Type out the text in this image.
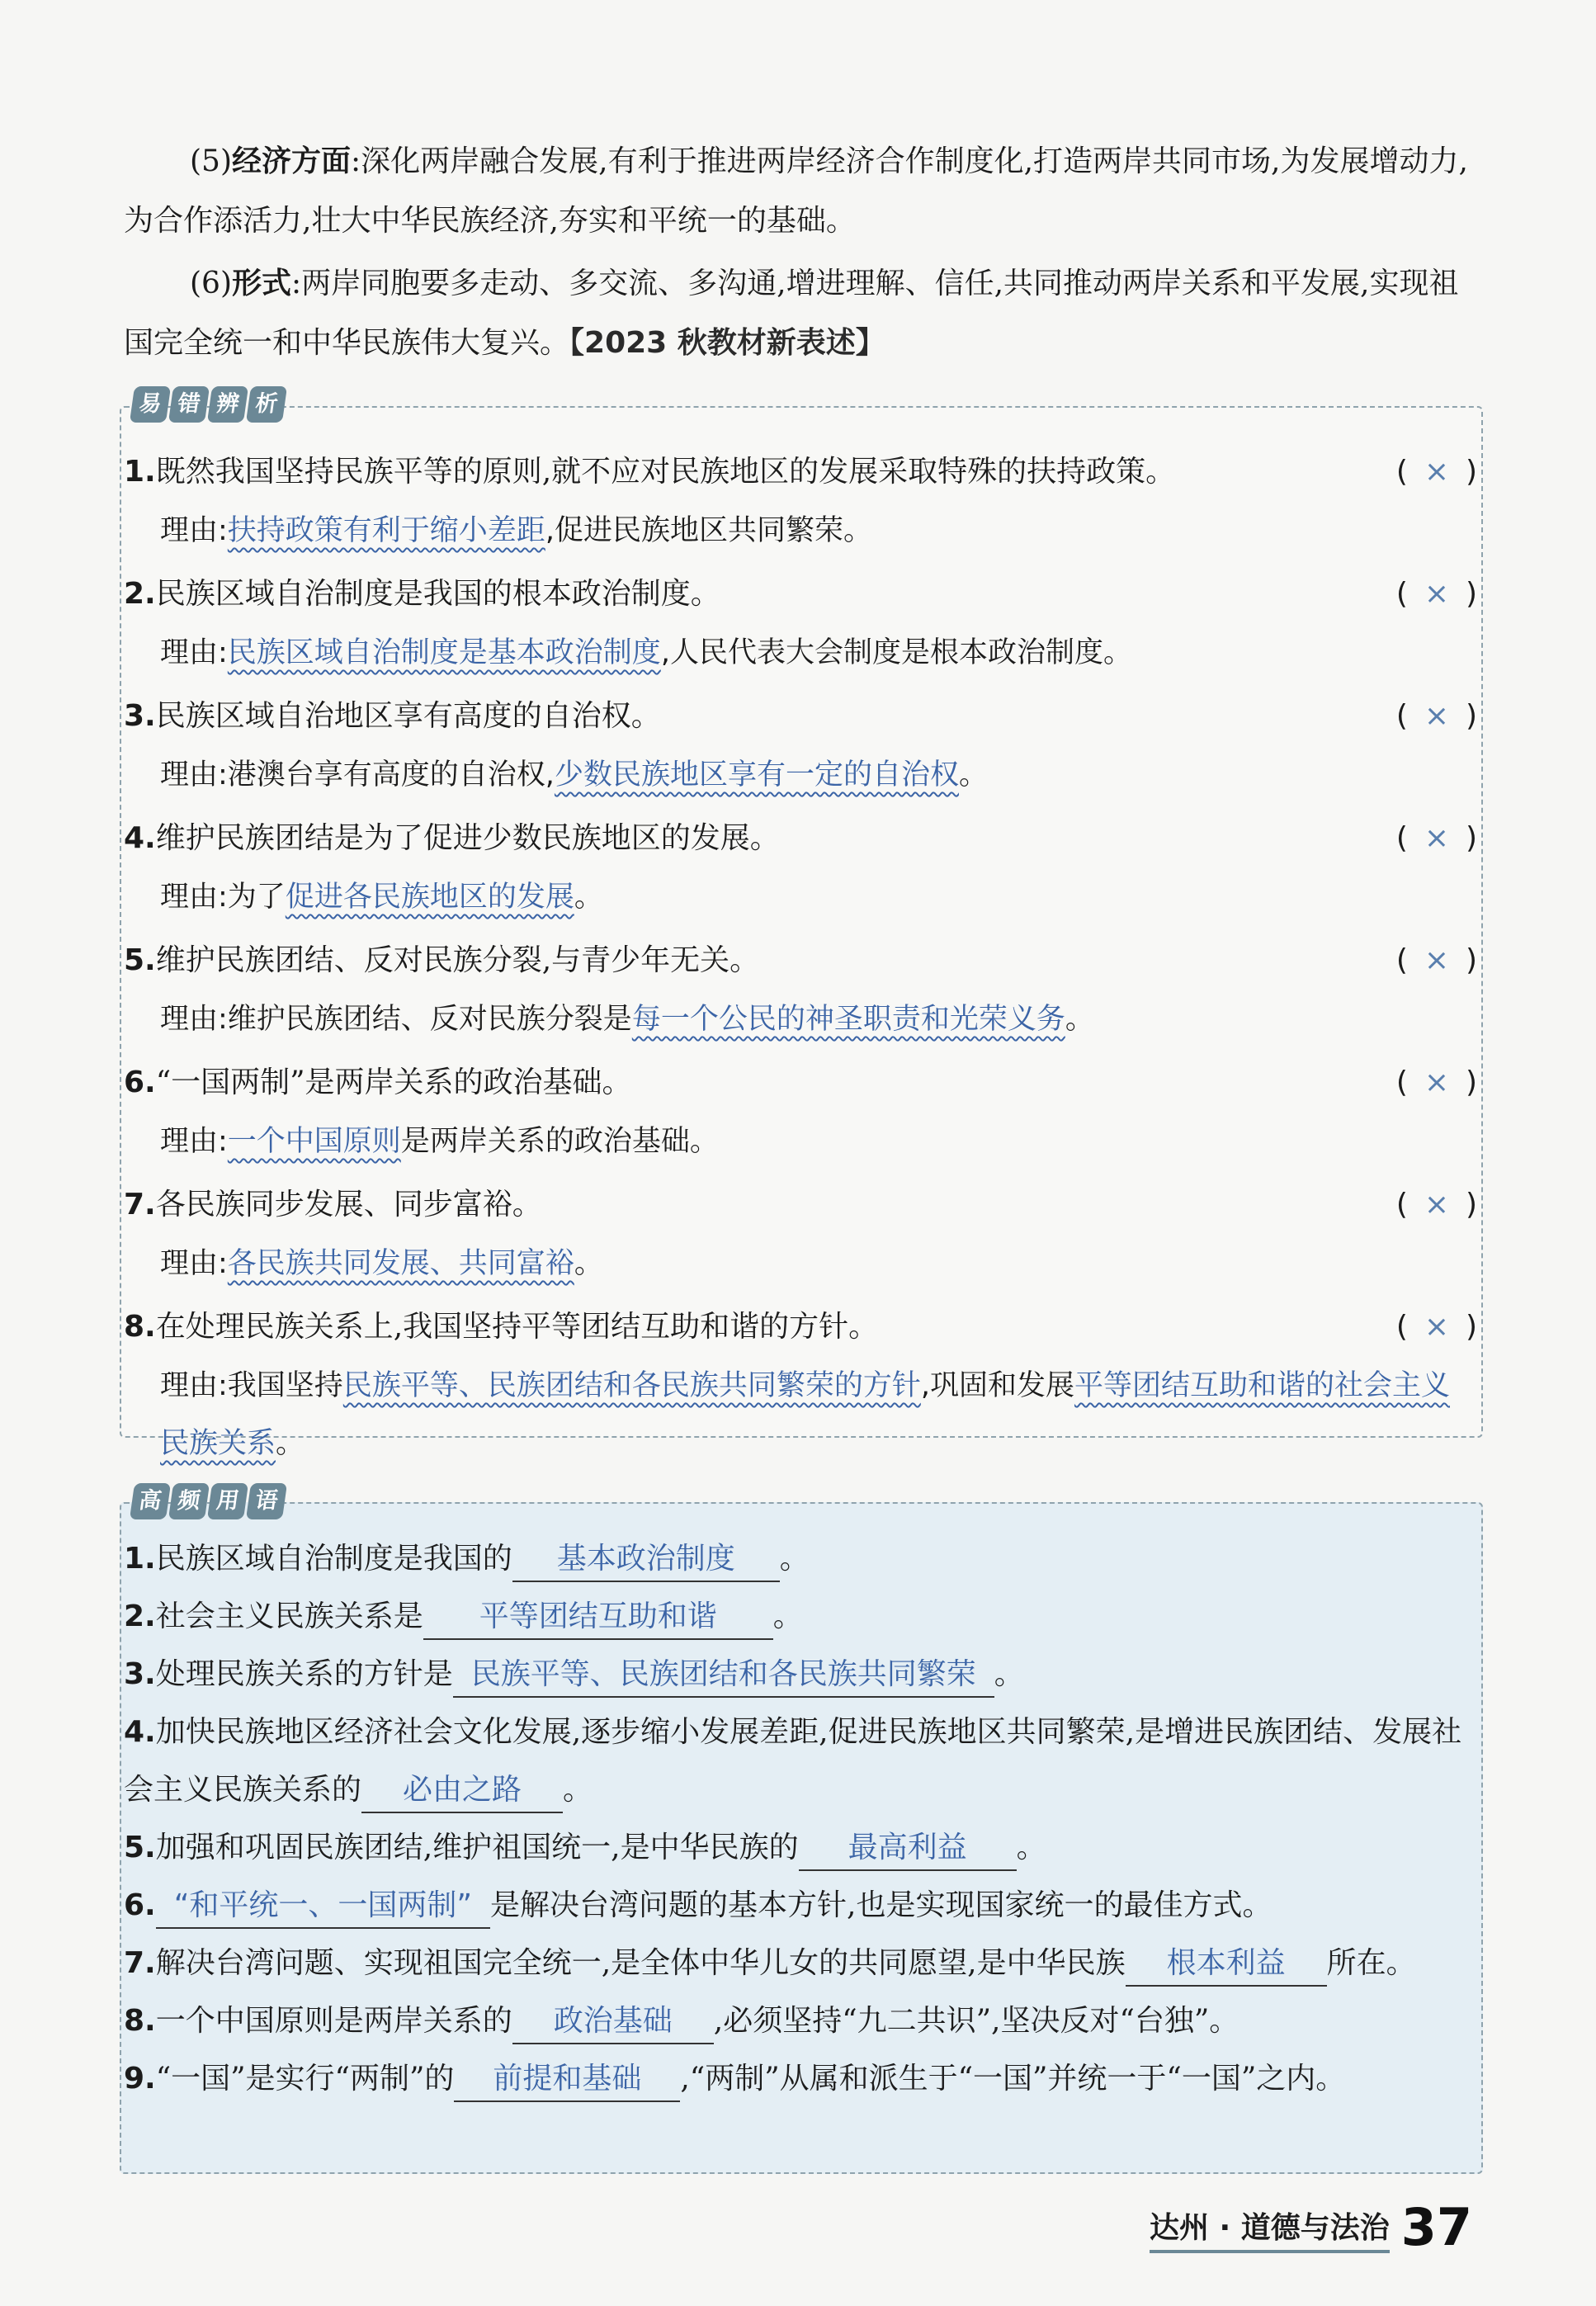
(5)经济方面:深化两岸融合发展,有利于推进两岸经济合作制度化,打造两岸共同市场,为发展增动力,为合作添活力,壮大中华民族经济,夯实和平统一的基础。

(6)形式:两岸同胞要多走动、多交流、多沟通,增进理解、信任,共同推动两岸关系和平发展,实现祖国完全统一和中华民族伟大复兴。【2023 秋教材新表述】

易 错 辨 析
1.既然我国坚持民族平等的原则,就不应对民族地区的发展采取特殊的扶持政策。	( × )
理由:扶持政策有利于缩小差距,促进民族地区共同繁荣。
2.民族区域自治制度是我国的根本政治制度。	( × )
理由:民族区域自治制度是基本政治制度,人民代表大会制度是根本政治制度。
3.民族区域自治地区享有高度的自治权。	( × )
理由:港澳台享有高度的自治权,少数民族地区享有一定的自治权。
4.维护民族团结是为了促进少数民族地区的发展。	( × )
理由:为了促进各民族地区的发展。
5.维护民族团结、反对民族分裂,与青少年无关。	( × )
理由:维护民族团结、反对民族分裂是每一个公民的神圣职责和光荣义务。
6.“一国两制”是两岸关系的政治基础。	( × )
理由:一个中国原则是两岸关系的政治基础。
7.各民族同步发展、同步富裕。	( × )
理由:各民族共同发展、共同富裕。
8.在处理民族关系上,我国坚持平等团结互助和谐的方针。	( × )
理由:我国坚持民族平等、民族团结和各民族共同繁荣的方针,巩固和发展平等团结互助和谐的社会主义民族关系。
高 频 用 语
1.民族区域自治制度是我国的 基本政治制度 。
2.社会主义民族关系是 平等团结互助和谐 。
3.处理民族关系的方针是 民族平等、民族团结和各民族共同繁荣 。
4.加快民族地区经济社会文化发展,逐步缩小发展差距,促进民族地区共同繁荣,是增进民族团结、发展社会主义民族关系的 必由之路 。
5.加强和巩固民族团结,维护祖国统一,是中华民族的 最高利益 。
6. “和平统一、一国两制” 是解决台湾问题的基本方针,也是实现国家统一的最佳方式。
7.解决台湾问题、实现祖国完全统一,是全体中华儿女的共同愿望,是中华民族 根本利益 所在。
8.一个中国原则是两岸关系的 政治基础 ,必须坚持“九二共识”,坚决反对“台独”。
9.“一国”是实行“两制”的 前提和基础 ,“两制”从属和派生于“一国”并统一于“一国”之内。
达州 · 道德与法治 37
